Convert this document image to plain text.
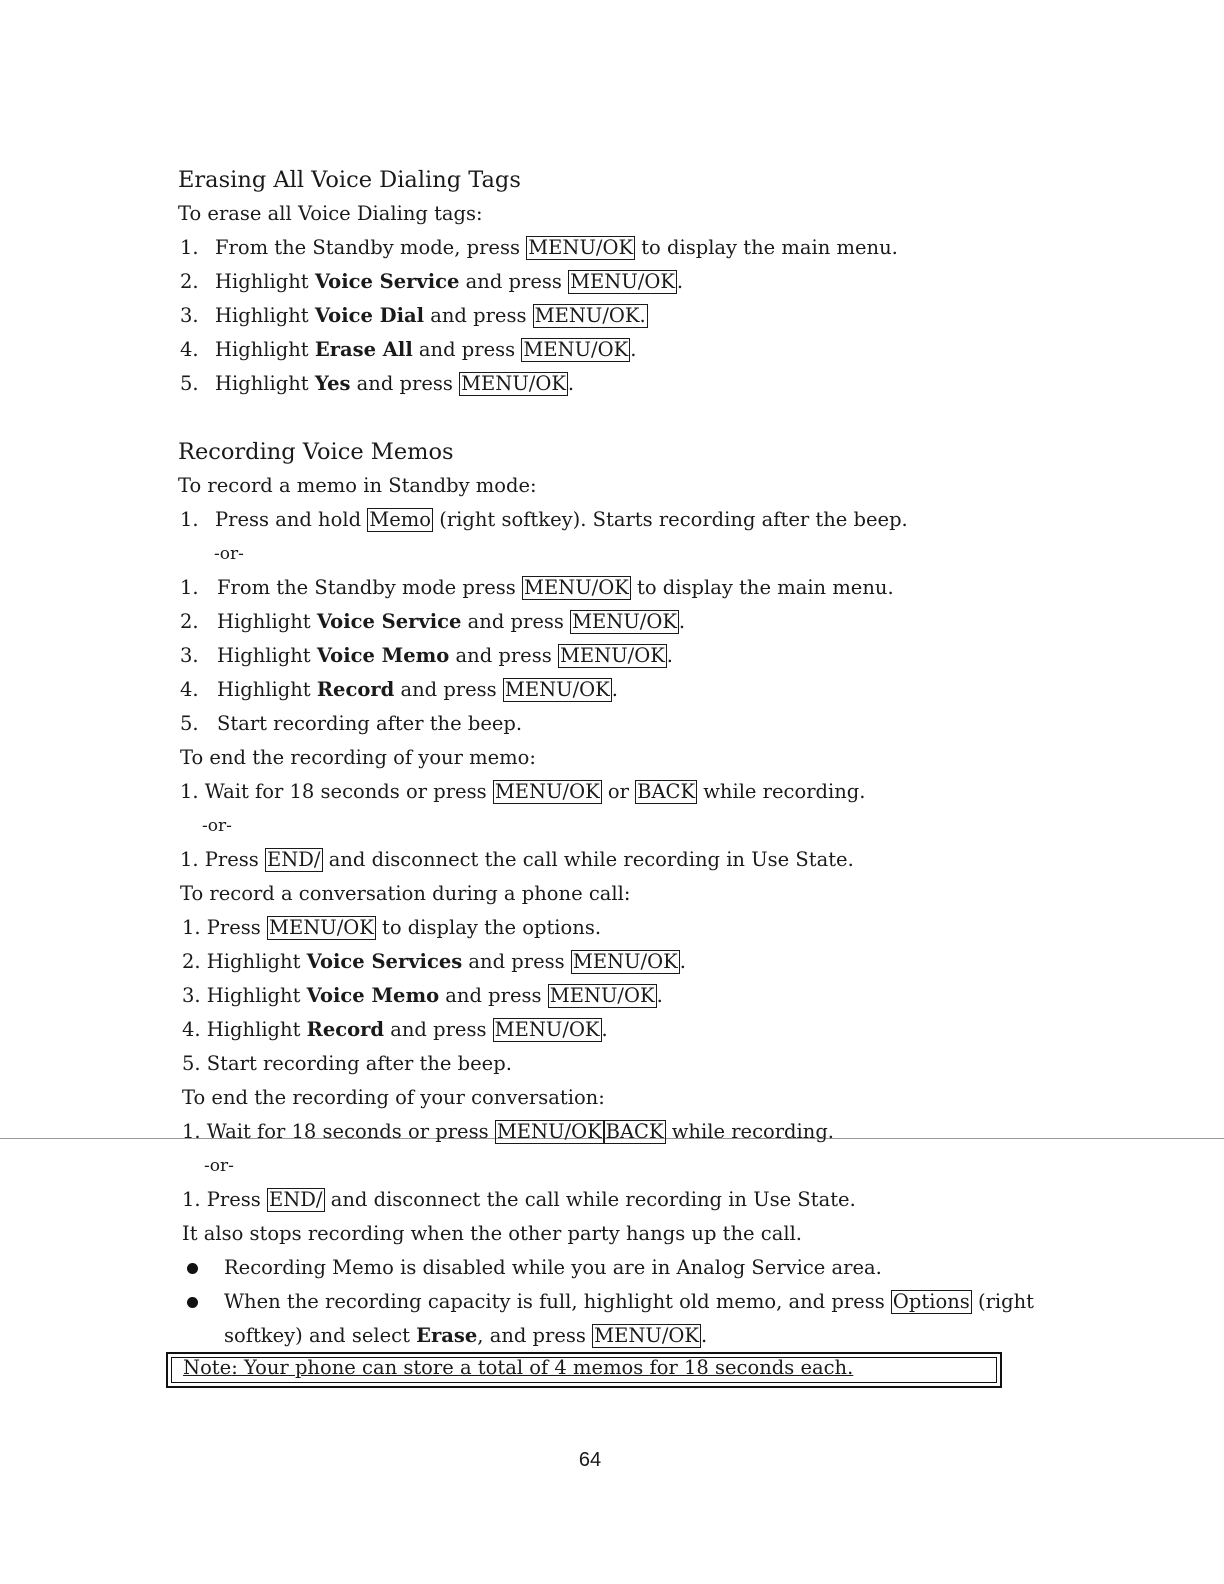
Erasing All Voice Dialing Tags
To erase all Voice Dialing tags:
1. From the Standby mode, press MENU/OK to display the main menu.
2. Highlight Voice Service and press MENU/OK .
3. Highlight Voice Dial and press MENU/OK.
4. Highlight Erase All and press MENU/OK .
5. Highlight Yes and press MENU/OK .
Recording Voice Memos
To record a memo in Standby mode:
1. Press and hold Memo (right softkey). Starts recording after the beep.
-or-
1. From the Standby mode press MENU/OK to display the main menu.
2. Highlight Voice Service and press MENU/OK .
3. Highlight Voice Memo and press MENU/OK .
4. Highlight Record and press MENU/OK .
5. Start recording after the beep.
To end the recording of your memo:
1. Wait for 18 seconds or press MENU/OK or BACK while recording.
-or-
1. Press END/ and disconnect the call while recording in Use State.
To record a conversation during a phone call:
1. Press MENU/OK to display the options.
2. Highlight Voice Services and press MENU/OK .
3. Highlight Voice Memo and press MENU/OK .
4. Highlight Record and press MENU/OK .
5. Start recording after the beep.
To end the recording of your conversation:
1. Wait for 18 seconds or press MENU/OK BACK while recording.
-or-
1. Press END/ and disconnect the call while recording in Use State.
It also stops recording when the other party hangs up the call.
Recording Memo is disabled while you are in Analog Service area.
When the recording capacity is full, highlight old memo, and press Options (right
softkey) and select Erase, and press MENU/OK .
Note: Your phone can store a total of 4 memos for 18 seconds each.
64
